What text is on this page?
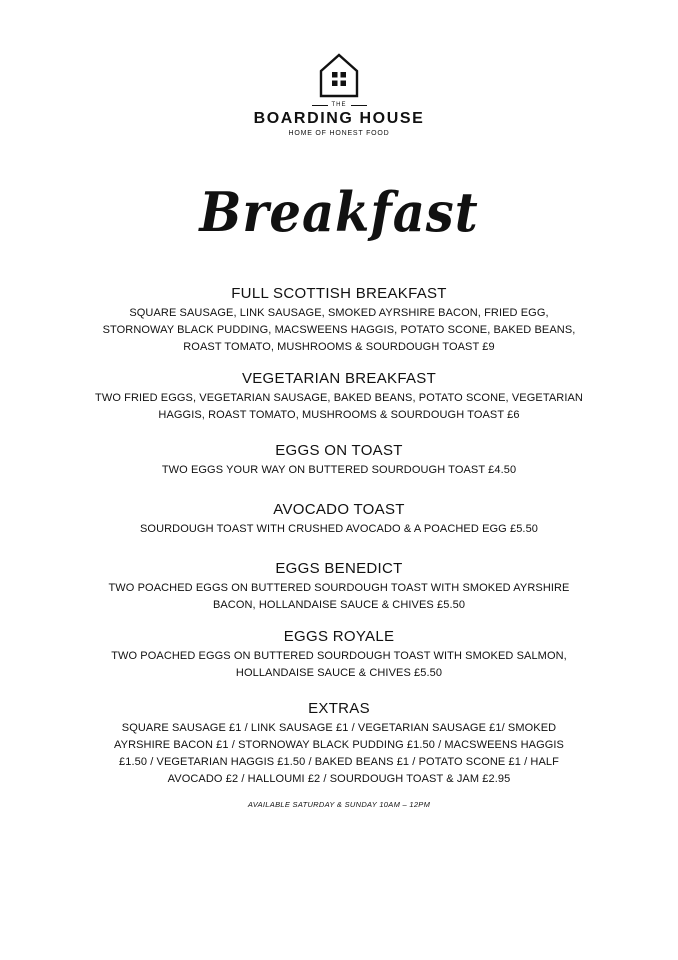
THE
BOARDING HOUSE
HOME OF HONEST FOOD
Breakfast
FULL SCOTTISH BREAKFAST

SQUARE SAUSAGE, LINK SAUSAGE, SMOKED AYRSHIRE BACON, FRIED EGG,
STORNOWAY BLACK PUDDING, MACSWEENS HAGGIS, POTATO SCONE, BAKED BEANS,
ROAST TOMATO, MUSHROOMS & SOURDOUGH TOAST £9

VEGETARIAN BREAKFAST

TWO FRIED EGGS, VEGETARIAN SAUSAGE, BAKED BEANS, POTATO SCONE, VEGETARIAN
HAGGIS, ROAST TOMATO, MUSHROOMS & SOURDOUGH TOAST £6

EGGS ON TOAST

TWO EGGS YOUR WAY ON BUTTERED SOURDOUGH TOAST £4.50

AVOCADO TOAST

SOURDOUGH TOAST WITH CRUSHED AVOCADO & A POACHED EGG £5.50

EGGS BENEDICT

TWO POACHED EGGS ON BUTTERED SOURDOUGH TOAST WITH SMOKED AYRSHIRE
BACON, HOLLANDAISE SAUCE & CHIVES £5.50

EGGS ROYALE

TWO POACHED EGGS ON BUTTERED SOURDOUGH TOAST WITH SMOKED SALMON,
HOLLANDAISE SAUCE & CHIVES £5.50

EXTRAS

SQUARE SAUSAGE £1 / LINK SAUSAGE £1 / VEGETARIAN SAUSAGE £1/ SMOKED
AYRSHIRE BACON £1 / STORNOWAY BLACK PUDDING £1.50 / MACSWEENS HAGGIS
£1.50 / VEGETARIAN HAGGIS £1.50 / BAKED BEANS £1 / POTATO SCONE £1 / HALF
AVOCADO £2 / HALLOUMI £2 / SOURDOUGH TOAST & JAM £2.95

AVAILABLE SATURDAY & SUNDAY 10AM – 12PM
